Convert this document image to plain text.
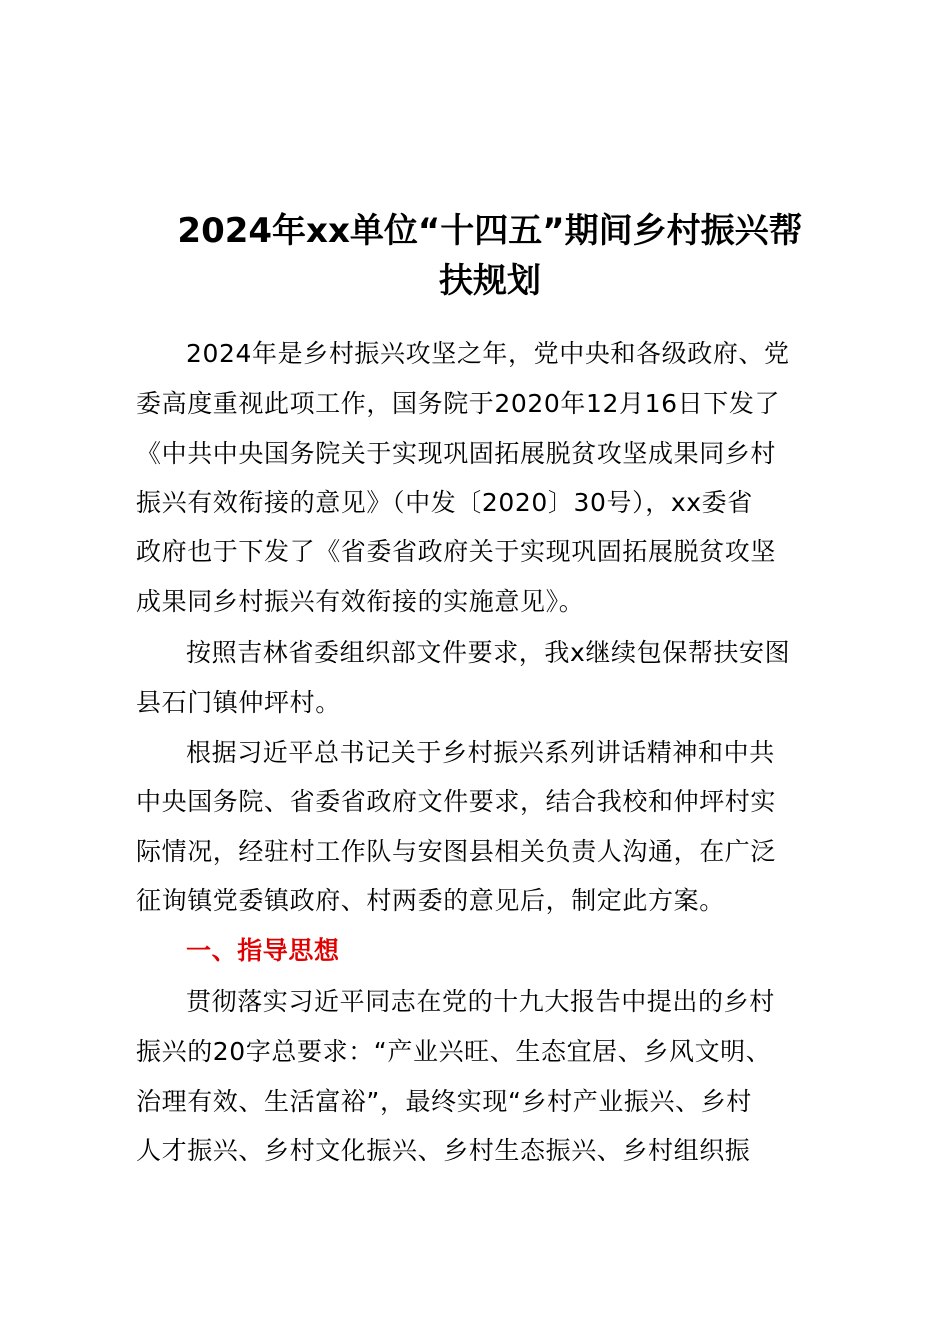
2024年xx单位“十四五”期间乡村振兴帮
扶规划

2024年是乡村振兴攻坚之年，党中央和各级政府、党

委高度重视此项工作，国务院于2020年12月16日下发了

《中共中央国务院关于实现巩固拓展脱贫攻坚成果同乡村

振兴有效衔接的意见》（中发〔2020〕30号），xx委省

政府也于下发了《省委省政府关于实现巩固拓展脱贫攻坚

成果同乡村振兴有效衔接的实施意见》。

按照吉林省委组织部文件要求，我x继续包保帮扶安图

县石门镇仲坪村。

根据习近平总书记关于乡村振兴系列讲话精神和中共

中央国务院、省委省政府文件要求，结合我校和仲坪村实

际情况，经驻村工作队与安图县相关负责人沟通，在广泛

征询镇党委镇政府、村两委的意见后，制定此方案。

一、指导思想

贯彻落实习近平同志在党的十九大报告中提出的乡村

振兴的20字总要求：“产业兴旺、生态宜居、乡风文明、

治理有效、生活富裕”，最终实现“乡村产业振兴、乡村

人才振兴、乡村文化振兴、乡村生态振兴、乡村组织振
